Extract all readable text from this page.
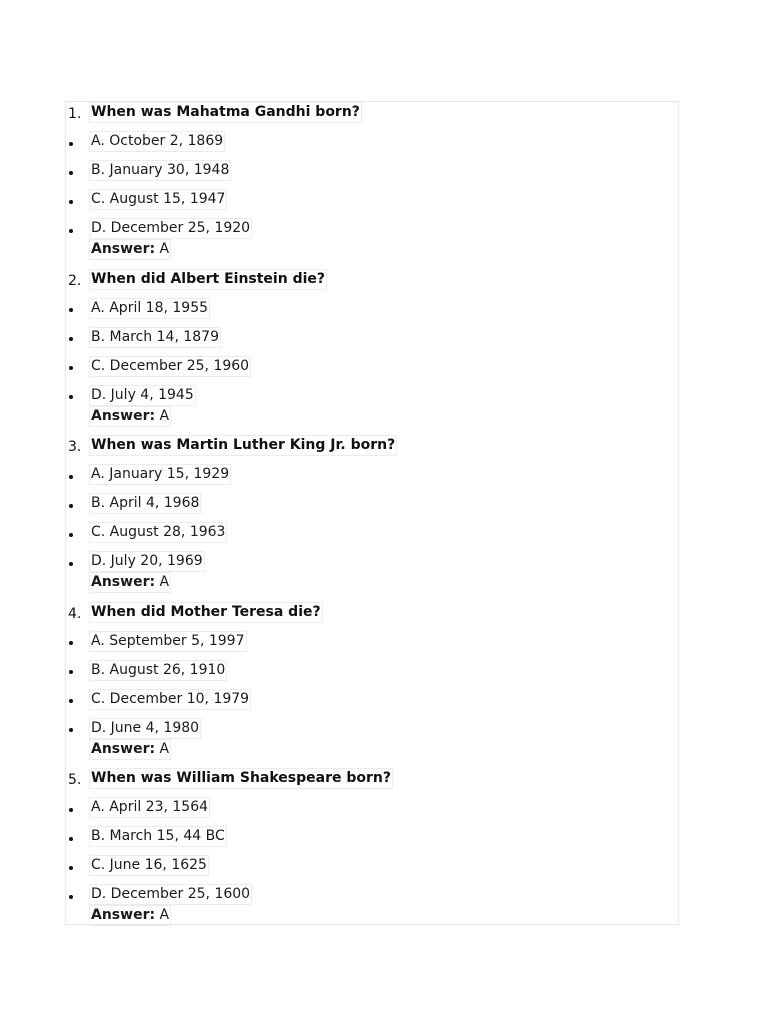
1. When was Mahatma Gandhi born?
A. October 2, 1869
B. January 30, 1948
C. August 15, 1947
D. December 25, 1920
Answer: A
2. When did Albert Einstein die?
A. April 18, 1955
B. March 14, 1879
C. December 25, 1960
D. July 4, 1945
Answer: A
3. When was Martin Luther King Jr. born?
A. January 15, 1929
B. April 4, 1968
C. August 28, 1963
D. July 20, 1969
Answer: A
4. When did Mother Teresa die?
A. September 5, 1997
B. August 26, 1910
C. December 10, 1979
D. June 4, 1980
Answer: A
5. When was William Shakespeare born?
A. April 23, 1564
B. March 15, 44 BC
C. June 16, 1625
D. December 25, 1600
Answer: A
